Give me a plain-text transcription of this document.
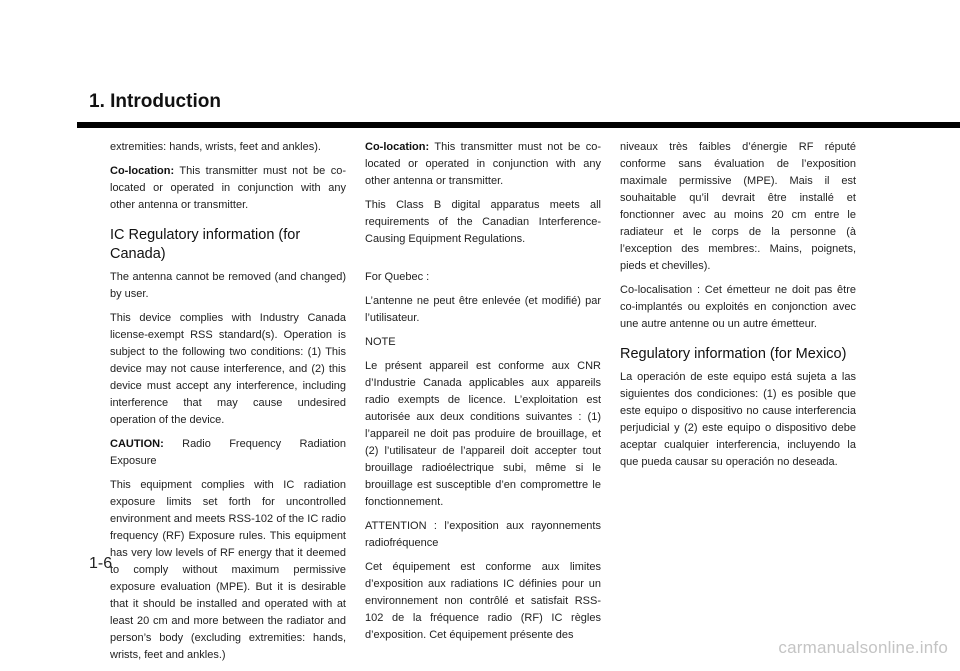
1. Introduction

extremities: hands, wrists, feet and ankles).

Co-location: This transmitter must not be co-located or operated in conjunction with any other antenna or transmitter.

IC Regulatory information (for Canada)

The antenna cannot be removed (and changed) by user.

This device complies with Industry Canada license-exempt RSS standard(s). Operation is subject to the following two conditions: (1) This device may not cause interference, and (2) this device must accept any interference, including interference that may cause undesired operation of the device.

CAUTION: Radio Frequency Radiation Exposure

This equipment complies with IC radiation exposure limits set forth for uncontrolled environment and meets RSS-102 of the IC radio frequency (RF) Exposure rules. This equipment has very low levels of RF energy that it deemed to comply without maximum permissive exposure evaluation (MPE). But it is desirable that it should be installed and operated with at least 20 cm and more between the radiator and person’s body (excluding extremities: hands, wrists, feet and ankles.)

Co-location: This transmitter must not be co-located or operated in conjunction with any other antenna or transmitter.

This Class B digital apparatus meets all requirements of the Canadian Interference-Causing Equipment Regulations.

For Quebec :

L’antenne ne peut être enlevée (et modifié) par l’utilisateur.

NOTE

Le présent appareil est conforme aux CNR d’Industrie Canada applicables aux appareils radio exempts de licence. L’exploitation est autorisée aux deux conditions suivantes : (1) l’appareil ne doit pas produire de brouillage, et (2) l’utilisateur de l’appareil doit accepter tout brouillage radioélectrique subi, même si le brouillage est susceptible d’en compromettre le fonctionnement.

ATTENTION : l’exposition aux rayonnements radiofréquence

Cet équipement est conforme aux limites d’exposition aux radiations IC définies pour un environnement non contrôlé et satisfait RSS-102 de la fréquence radio (RF) IC règles d’exposition. Cet équipement présente des

niveaux très faibles d’énergie RF réputé conforme sans évaluation de l’exposition maximale permissive (MPE). Mais il est souhaitable qu’il devrait être installé et fonctionner avec au moins 20 cm entre le radiateur et le corps de la personne (à l’exception des membres:. Mains, poignets, pieds et chevilles).

Co-localisation : Cet émetteur ne doit pas être co-implantés ou exploités en conjonction avec une autre antenne ou un autre émetteur.

Regulatory information (for Mexico)

La operación de este equipo está sujeta a las siguientes dos condiciones: (1) es posible que este equipo o dispositivo no cause interferencia perjudicial y (2) este equipo o dispositivo debe aceptar cualquier interferencia, incluyendo la que pueda causar su operación no deseada.

1-6
carmanualsonline.info
